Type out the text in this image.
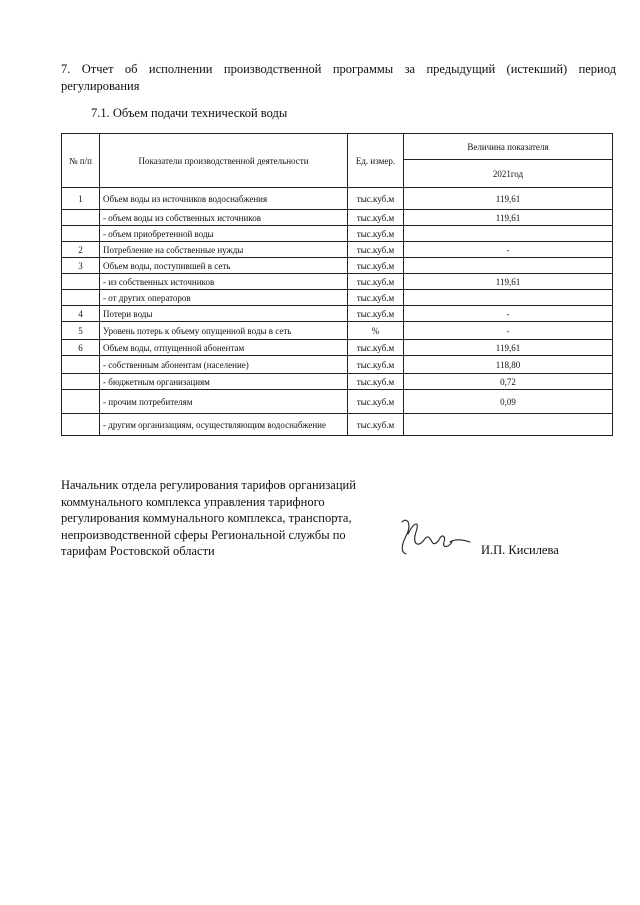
7. Отчет об исполнении производственной программы за предыдущий (истекший) период
регулирования
7.1. Объем подачи технической воды
№ п/п	Показатели производственной деятельности	Ед. измер.	Величина показателя
			2021год
1	Объем воды из источников водоснабжения	тыс.куб.м	119,61
	- объем воды из собственных источников	тыс.куб.м	119,61
	- объем приобретенной воды	тыс.куб.м	
2	Потребление на собственные нужды	тыс.куб.м	-
3	Объем воды, поступившей в сеть	тыс.куб.м	
	- из собственных источников	тыс.куб.м	119,61
	- от других операторов	тыс.куб.м	
4	Потери воды	тыс.куб.м	-
5	Уровень потерь к объему опущенной воды в сеть	%	-
6	Объем воды, отпущенной абонентам	тыс.куб.м	119,61
	- собственным абонентам (население)	тыс.куб.м	118,80
	- бюджетным организациям	тыс.куб.м	0,72
	- прочим потребителям	тыс.куб.м	0,09
	- другим организациям, осуществляющим водоснабжение	тыс.куб.м	
Начальник отдела регулирования тарифов организаций
коммунального комплекса управления тарифного
регулирования коммунального комплекса, транспорта,
непроизводственной сферы Региональной службы по
тарифам Ростовской области	И.П. Кисилева
